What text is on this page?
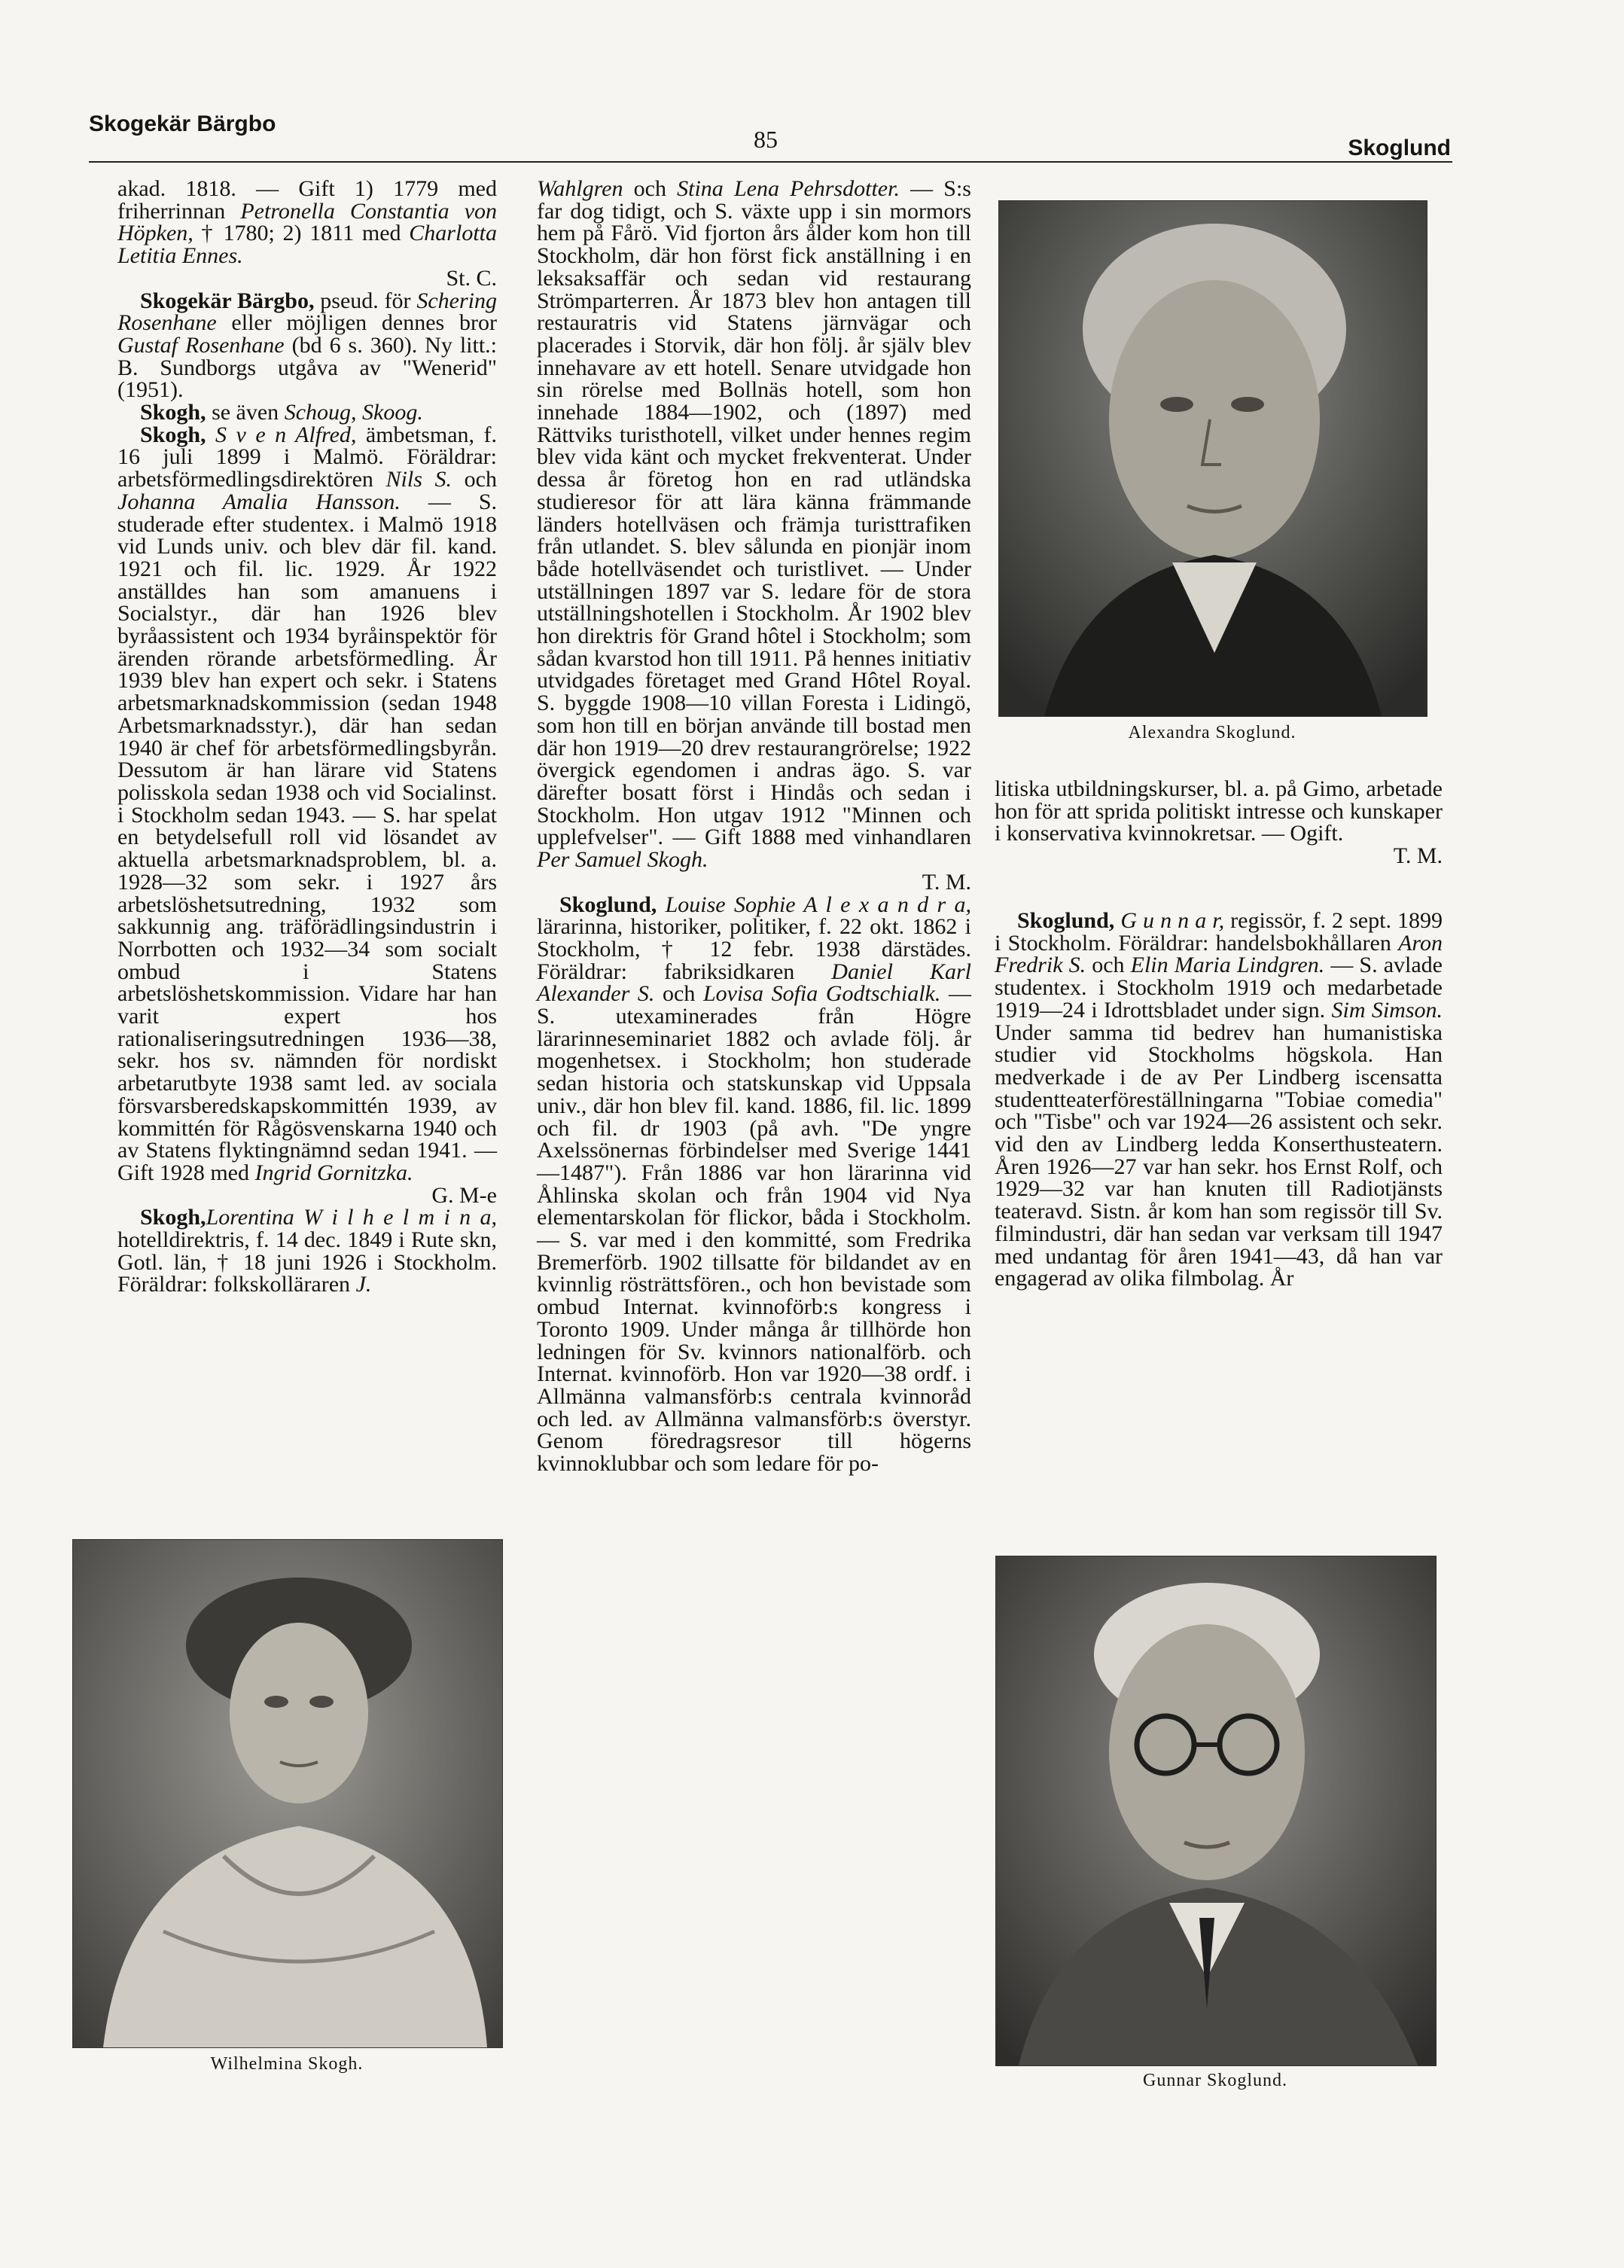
Skogekär Bärgbo
85	Skoglund

akad. 1818. — Gift 1) 1779 med friherrinnan Petronella Constantia von Höpken, † 1780; 2) 1811 med Charlotta Letitia Ennes.
St. C.

Skogekär Bärgbo, pseud. för Schering Rosenhane eller möjligen dennes bror Gustaf Rosenhane (bd 6 s. 360). Ny litt.: B. Sundborgs utgåva av "Wenerid" (1951).

Skogh, se även Schoug, Skoog.

Skogh, S v e n Alfred, ämbetsman, f. 16 juli 1899 i Malmö. Föräldrar: arbetsförmedlingsdirektören Nils S. och Johanna Amalia Hansson. — S. studerade efter studentex. i Malmö 1918 vid Lunds univ. och blev där fil. kand. 1921 och fil. lic. 1929. År 1922 anställdes han som amanuens i Socialstyr., där han 1926 blev byråassistent och 1934 byråinspektör för ärenden rörande arbetsförmedling. År 1939 blev han expert och sekr. i Statens arbetsmarknadskommission (sedan 1948 Arbetsmarknadsstyr.), där han sedan 1940 är chef för arbetsförmedlingsbyrån. Dessutom är han lärare vid Statens polisskola sedan 1938 och vid Socialinst. i Stockholm sedan 1943. — S. har spelat en betydelsefull roll vid lösandet av aktuella arbetsmarknadsproblem, bl. a. 1928—32 som sekr. i 1927 års arbetslöshetsutredning, 1932 som sakkunnig ang. träförädlingsindustrin i Norrbotten och 1932—34 som socialt ombud i Statens arbetslöshetskommission. Vidare har han varit expert hos rationaliseringsutredningen 1936—38, sekr. hos sv. nämnden för nordiskt arbetarutbyte 1938 samt led. av sociala försvarsberedskapskommittén 1939, av kommittén för Rågösvenskarna 1940 och av Statens flyktingnämnd sedan 1941. — Gift 1928 med Ingrid Gornitzka.
G. M-e

Skogh,Lorentina W i l h e l m i n a, hotelldirektris, f. 14 dec. 1849 i Rute skn, Gotl. län, † 18 juni 1926 i Stockholm. Föräldrar: folkskolläraren J.

Wahlgren och Stina Lena Pehrsdotter. — S:s far dog tidigt, och S. växte upp i sin mormors hem på Fårö. Vid fjorton års ålder kom hon till Stockholm, där hon först fick anställning i en leksaksaffär och sedan vid restaurang Strömparterren. År 1873 blev hon antagen till restauratris vid Statens järnvägar och placerades i Storvik, där hon följ. år själv blev innehavare av ett hotell. Senare utvidgade hon sin rörelse med Bollnäs hotell, som hon innehade 1884—1902, och (1897) med Rättviks turisthotell, vilket under hennes regim blev vida känt och mycket frekventerat. Under dessa år företog hon en rad utländska studieresor för att lära känna främmande länders hotellväsen och främja turisttrafiken från utlandet. S. blev sålunda en pionjär inom både hotellväsendet och turistlivet. — Under utställningen 1897 var S. ledare för de stora utställningshotellen i Stockholm. År 1902 blev hon direktris för Grand hôtel i Stockholm; som sådan kvarstod hon till 1911. På hennes initiativ utvidgades företaget med Grand Hôtel Royal. S. byggde 1908—10 villan Foresta i Lidingö, som hon till en början använde till bostad men där hon 1919—20 drev restaurangrörelse; 1922 övergick egendomen i andras ägo. S. var därefter bosatt först i Hindås och sedan i Stockholm. Hon utgav 1912 "Minnen och upplefvelser". — Gift 1888 med vinhandlaren Per Samuel Skogh.
T. M.

Skoglund, Louise Sophie A l e x a n d r a, lärarinna, historiker, politiker, f. 22 okt. 1862 i Stockholm, † 12 febr. 1938 därstädes. Föräldrar: fabriksidkaren Daniel Karl Alexander S. och Lovisa Sofia Godtschialk. — S. utexaminerades från Högre lärarinneseminariet 1882 och avlade följ. år mogenhetsex. i Stockholm; hon studerade sedan historia och statskunskap vid Uppsala univ., där hon blev fil. kand. 1886, fil. lic. 1899 och fil. dr 1903 (på avh. "De yngre Axelssönernas förbindelser med Sverige 1441—1487"). Från 1886 var hon lärarinna vid Åhlinska skolan och från 1904 vid Nya elementarskolan för flickor, båda i Stockholm. — S. var med i den kommitté, som Fredrika Bremerförb. 1902 tillsatte för bildandet av en kvinnlig rösträttsfören., och hon bevistade som ombud Internat. kvinnoförb:s kongress i Toronto 1909. Under många år tillhörde hon ledningen för Sv. kvinnors nationalförb. och Internat. kvinnoförb. Hon var 1920—38 ordf. i Allmänna valmansförb:s centrala kvinnoråd och led. av Allmänna valmansförb:s överstyr. Genom föredragsresor till högerns kvinnoklubbar och som ledare för po-

litiska utbildningskurser, bl. a. på Gimo, arbetade hon för att sprida politiskt intresse och kunskaper i konservativa kvinnokretsar. — Ogift.
T. M.

Skoglund, G u n n a r, regissör, f. 2 sept. 1899 i Stockholm. Föräldrar: handelsbokhållaren Aron Fredrik S. och Elin Maria Lindgren. — S. avlade studentex. i Stockholm 1919 och medarbetade 1919—24 i Idrottsbladet under sign. Sim Simson. Under samma tid bedrev han humanistiska studier vid Stockholms högskola. Han medverkade i de av Per Lindberg iscensatta studentteaterföreställningarna "Tobiae comedia" och "Tisbe" och var 1924—26 assistent och sekr. vid den av Lindberg ledda Konserthusteatern. Åren 1926—27 var han sekr. hos Ernst Rolf, och 1929—32 var han knuten till Radiotjänsts teateravd. Sistn. år kom han som regissör till Sv. filmindustri, där han sedan var verksam till 1947 med undantag för åren 1941—43, då han var engagerad av olika filmbolag. År

Alexandra Skoglund.
Wilhelmina Skogh.
Gunnar Skoglund.
